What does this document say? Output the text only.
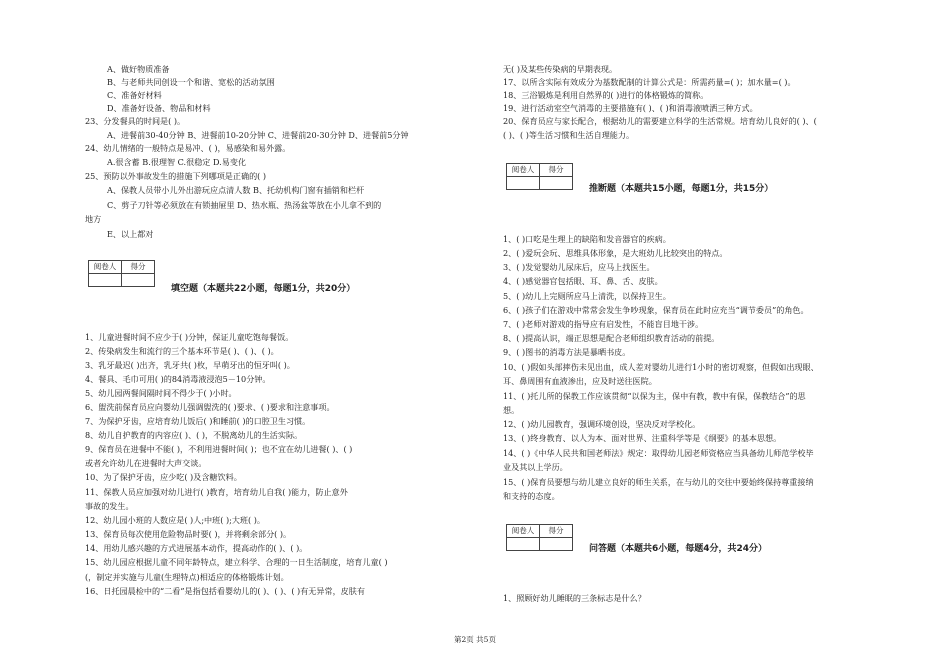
A、做好物质准备
B、与老师共同创设一个和谐、宽松的活动氛围
C、准备好材料
D、准备好设备、物品和材料
23、分发餐具的时间是( )。
A、进餐前30-40分钟 B、进餐前10-20分钟 C、进餐前20-30分钟 D、进餐前5分钟
24、幼儿情绪的一般特点是易冲、( )，易感染和易外露。
A.很含蓄 B.很理智 C.很稳定 D.易变化
25、预防以外事故发生的措施下列哪项是正确的( )
A、保教人员带小儿外出游玩应点清人数 B、托幼机构门窗有插销和栏杆
C、剪子刀针等必须放在有锁抽屉里 D、热水瓶、热汤盆等放在小儿拿不到的
地方
E、以上都对
阅卷人	得分

填空题（本题共22小题，每题1分，共20分）
1、儿童进餐时间不应少于( )分钟，保证儿童吃饱每餐饭。
2、传染病发生和流行的三个基本环节是( )、( )、( )。
3、乳牙最迟( )出齐，乳牙共( )枚，早萌牙出的恒牙叫( )。
4、餐具、毛巾可用( )的84消毒液浸泡5－10分钟。
5、幼儿园两餐间隔时间不得少于( )小时。
6、盥洗前保育员应向婴幼儿强调盥洗的( )要求、( )要求和注意事项。
7、为保护牙齿，应培育幼儿饭后( )和睡前( )的口腔卫生习惯。
8、幼儿自护教育的内容应( )、( )，不脱离幼儿的生活实际。
9、保育员在进餐中不能( )，不利用进餐时间( )；也不宜在幼儿进餐( )、( )
或者允许幼儿在进餐时大声交谈。
10、为了保护牙齿，应少吃( )及含糖饮料。
11、保教人员应加强对幼儿进行( )教育，培育幼儿自我( )能力，防止意外
事故的发生。
12、幼儿园小班的人数应是( )人;中班( );大班( )。
13、保育员每次使用危险物品时要( )，并将剩余部分( )。
14、用幼儿感兴趣的方式进展基本动作，提高动作的( )、( )。
15、幼儿园应根据儿童不同年龄特点，建立科学、合理的一日生活制度，培育儿童( )
(，制定并实施与儿童(生理特点)相适应的体格锻炼计划。
16、日托园晨检中的“二看”是指包括看婴幼儿的( )、( )、( )有无异常，皮肤有
无( )及某些传染病的早期表现。
17、以所含实际有效成分为基数配制的计算公式是：所需药量=( )；加水量=( )。
18、三浴锻炼是利用自然界的( )进行的体格锻炼的简称。
19、进行活动室空气消毒的主要措施有( )、( )和消毒液喷洒三种方式。
20、保育员应与家长配合，根据幼儿的需要建立科学的生活常规。培育幼儿良好的( )、(
( )、( )等生活习惯和生活自理能力。
阅卷人	得分

推断题（本题共15小题，每题1分，共15分）
1、( )口吃是生理上的缺陷和发音器官的疾病。
2、( )爱玩会玩、思维具体形象，是大班幼儿比较突出的特点。
3、( )发觉婴幼儿尿床后，应马上找医生。
4、( )感觉器官包括眼、耳、鼻、舌、皮肤。
5、( )幼儿上完厕所应马上清洗，以保持卫生。
6、( )孩子们在游戏中常常会发生争吵现象，保育员在此时应充当“调节委员”的角色。
7、( )老师对游戏的指导应有启发性，不能盲目地干涉。
8、( )提高认识，端正思想是配合老师组织教育活动的前提。
9、( )图书的消毒方法是暴晒书皮。
10、( )假如头部摔伤未见出血，成人差对婴幼儿进行1小时的密切观察，但假如出现眼、
耳、鼻周围有血液渗出，应及时送往医院。
11、( )托儿所的保教工作应该贯彻“以保为主，保中有教，教中有保，保教结合”的思
想。
12、( )幼儿园教育，强调环境创设，坚决反对学校化。
13、( )终身教育、以人为本、面对世界、注重科学等是《纲要》的基本思想。
14、( )《中华人民共和国老师法》规定：取得幼儿园老师资格应当具备幼儿师范学校毕
业及其以上学历。
15、( )保育员要想与幼儿建立良好的师生关系，在与幼儿的交往中要始终保持尊重接纳
和支持的态度。
阅卷人	得分

问答题（本题共6小题，每题4分，共24分）
1、照顾好幼儿睡眠的三条标志是什么？
第2页 共5页
